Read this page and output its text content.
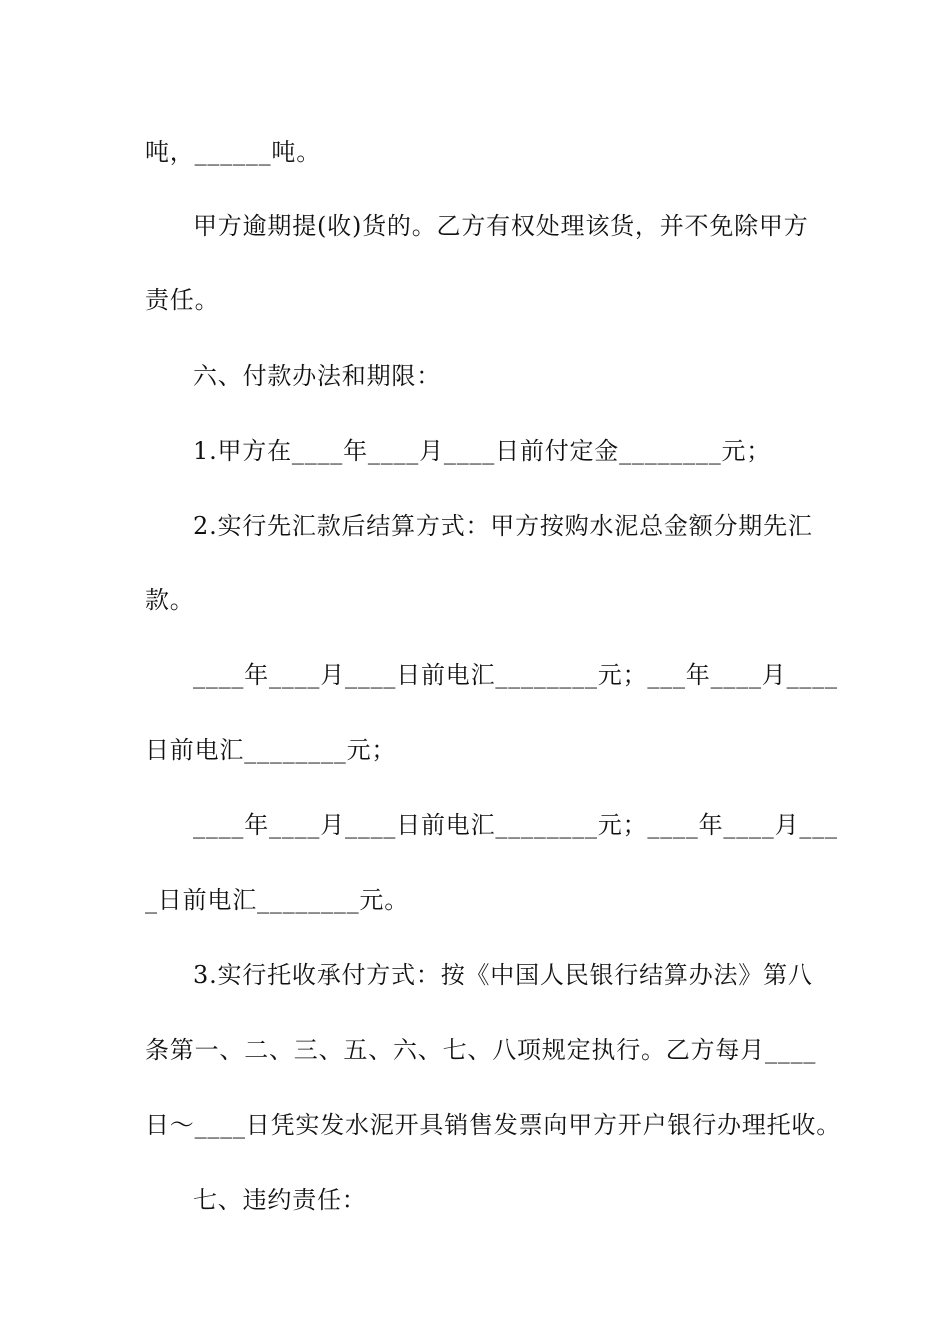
吨，______吨。
甲方逾期提(收)货的。乙方有权处理该货，并不免除甲方
责任。
六、付款办法和期限：
1.甲方在____年____月____日前付定金________元；
2.实行先汇款后结算方式：甲方按购水泥总金额分期先汇
款。
____年____月____日前电汇________元；___年____月____
日前电汇________元；
____年____月____日前电汇________元；____年____月___
_日前电汇________元。
3.实行托收承付方式：按《中国人民银行结算办法》第八
条第一、二、三、五、六、七、八项规定执行。乙方每月____
日～____日凭实发水泥开具销售发票向甲方开户银行办理托收。
七、违约责任：
